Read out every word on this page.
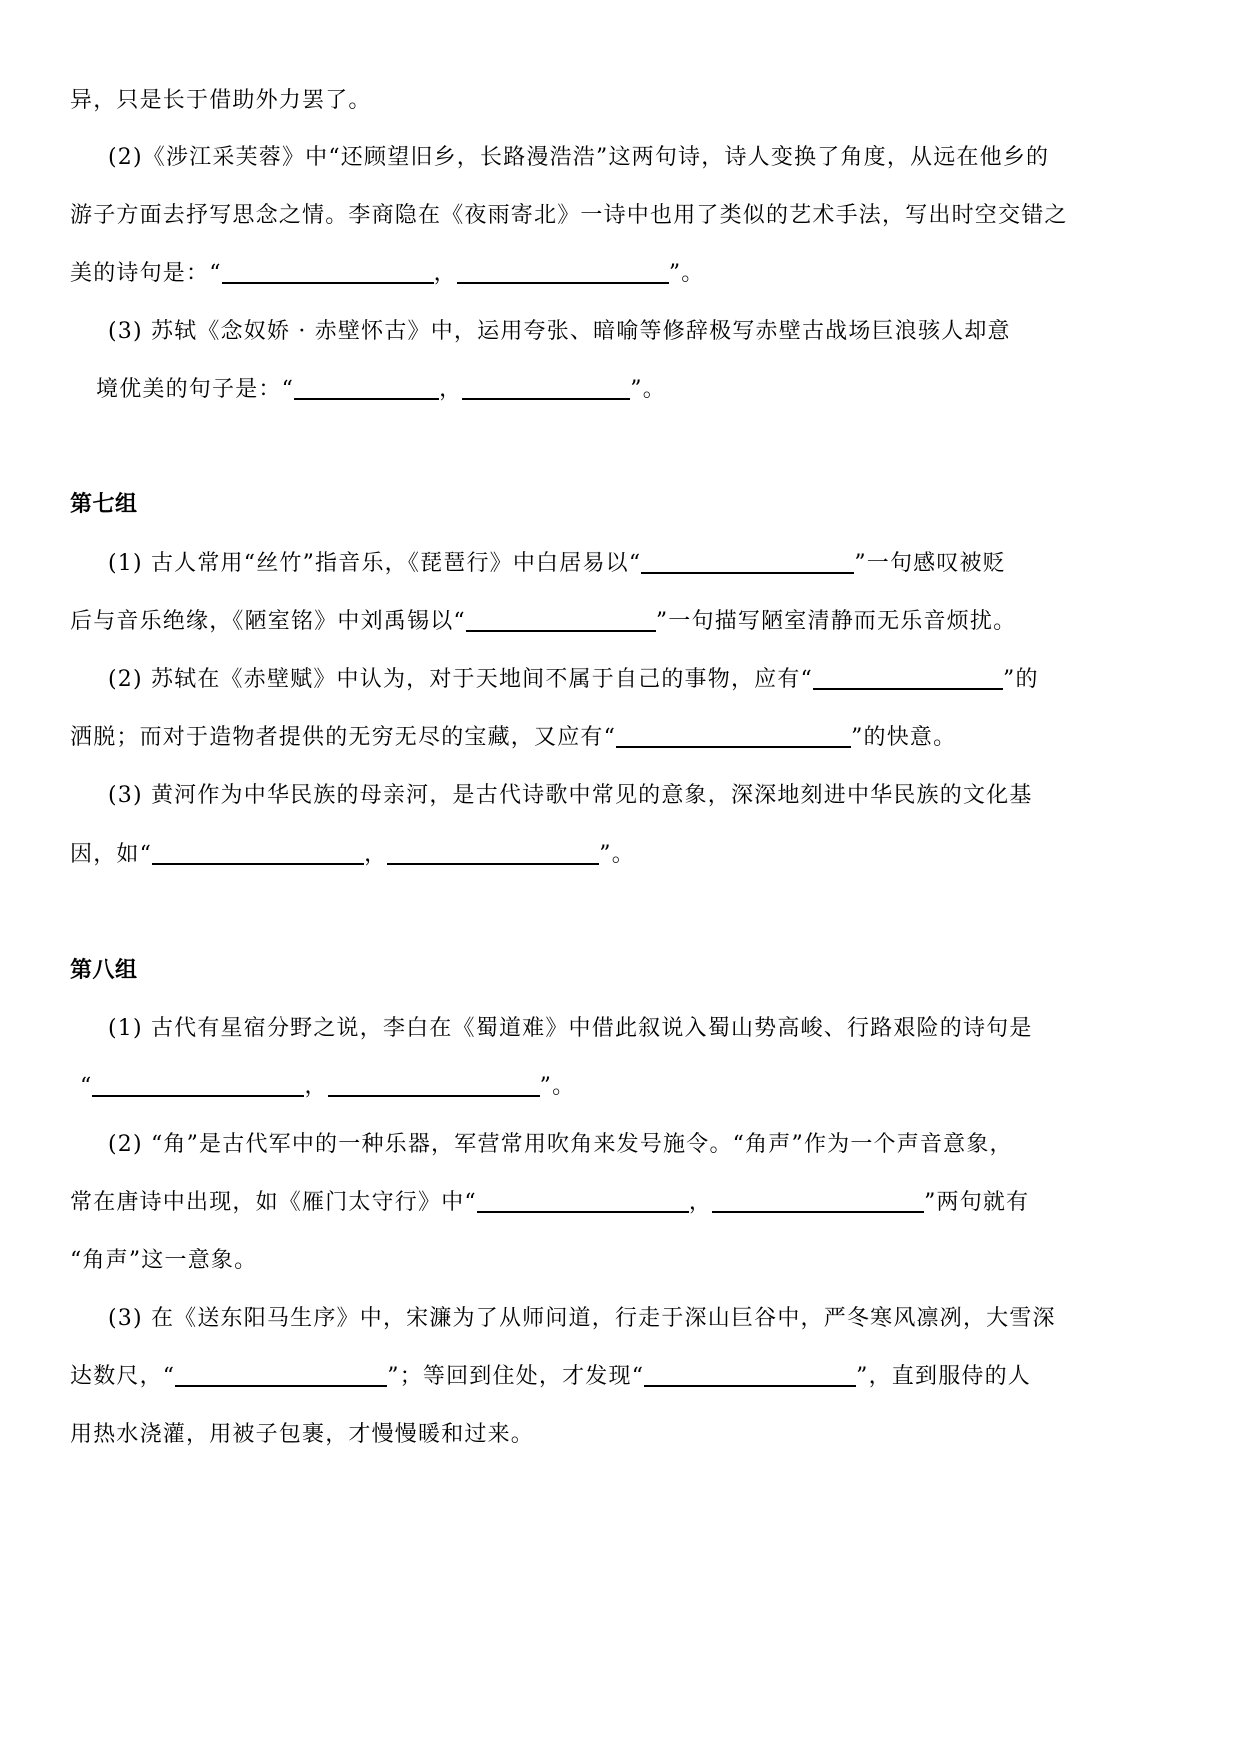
异，只是长于借助外力罢了。
(2)《涉江采芙蓉》中“还顾望旧乡，长路漫浩浩”这两句诗，诗人变换了角度，从远在他乡的
游子方面去抒写思念之情。李商隐在《夜雨寄北》一诗中也用了类似的艺术手法，写出时空交错之
美的诗句是：“	，	”。
(3) 苏轼《念奴娇 · 赤壁怀古》中，运用夸张、暗喻等修辞极写赤壁古战场巨浪骇人却意
境优美的句子是：“	，	”。
第七组
(1) 古人常用“丝竹”指音乐，《琵琶行》中白居易以“	”一句感叹被贬
后与音乐绝缘，《陋室铭》中刘禹锡以“	”一句描写陋室清静而无乐音烦扰。
(2) 苏轼在《赤壁赋》中认为，对于天地间不属于自己的事物，应有“	”的
洒脱；而对于造物者提供的无穷无尽的宝藏，又应有“	”的快意。
(3) 黄河作为中华民族的母亲河，是古代诗歌中常见的意象，深深地刻进中华民族的文化基
因，如“	，	”。
第八组
(1) 古代有星宿分野之说，李白在《蜀道难》中借此叙说入蜀山势高峻、行路艰险的诗句是
“	，	”。
(2) “角”是古代军中的一种乐器，军营常用吹角来发号施令。“角声”作为一个声音意象，
常在唐诗中出现，如《雁门太守行》中“	，	”两句就有
“角声”这一意象。
(3) 在《送东阳马生序》中，宋濂为了从师问道，行走于深山巨谷中，严冬寒风凛冽，大雪深
达数尺，“	”；等回到住处，才发现“	”，直到服侍的人
用热水浇灌，用被子包裹，才慢慢暖和过来。
